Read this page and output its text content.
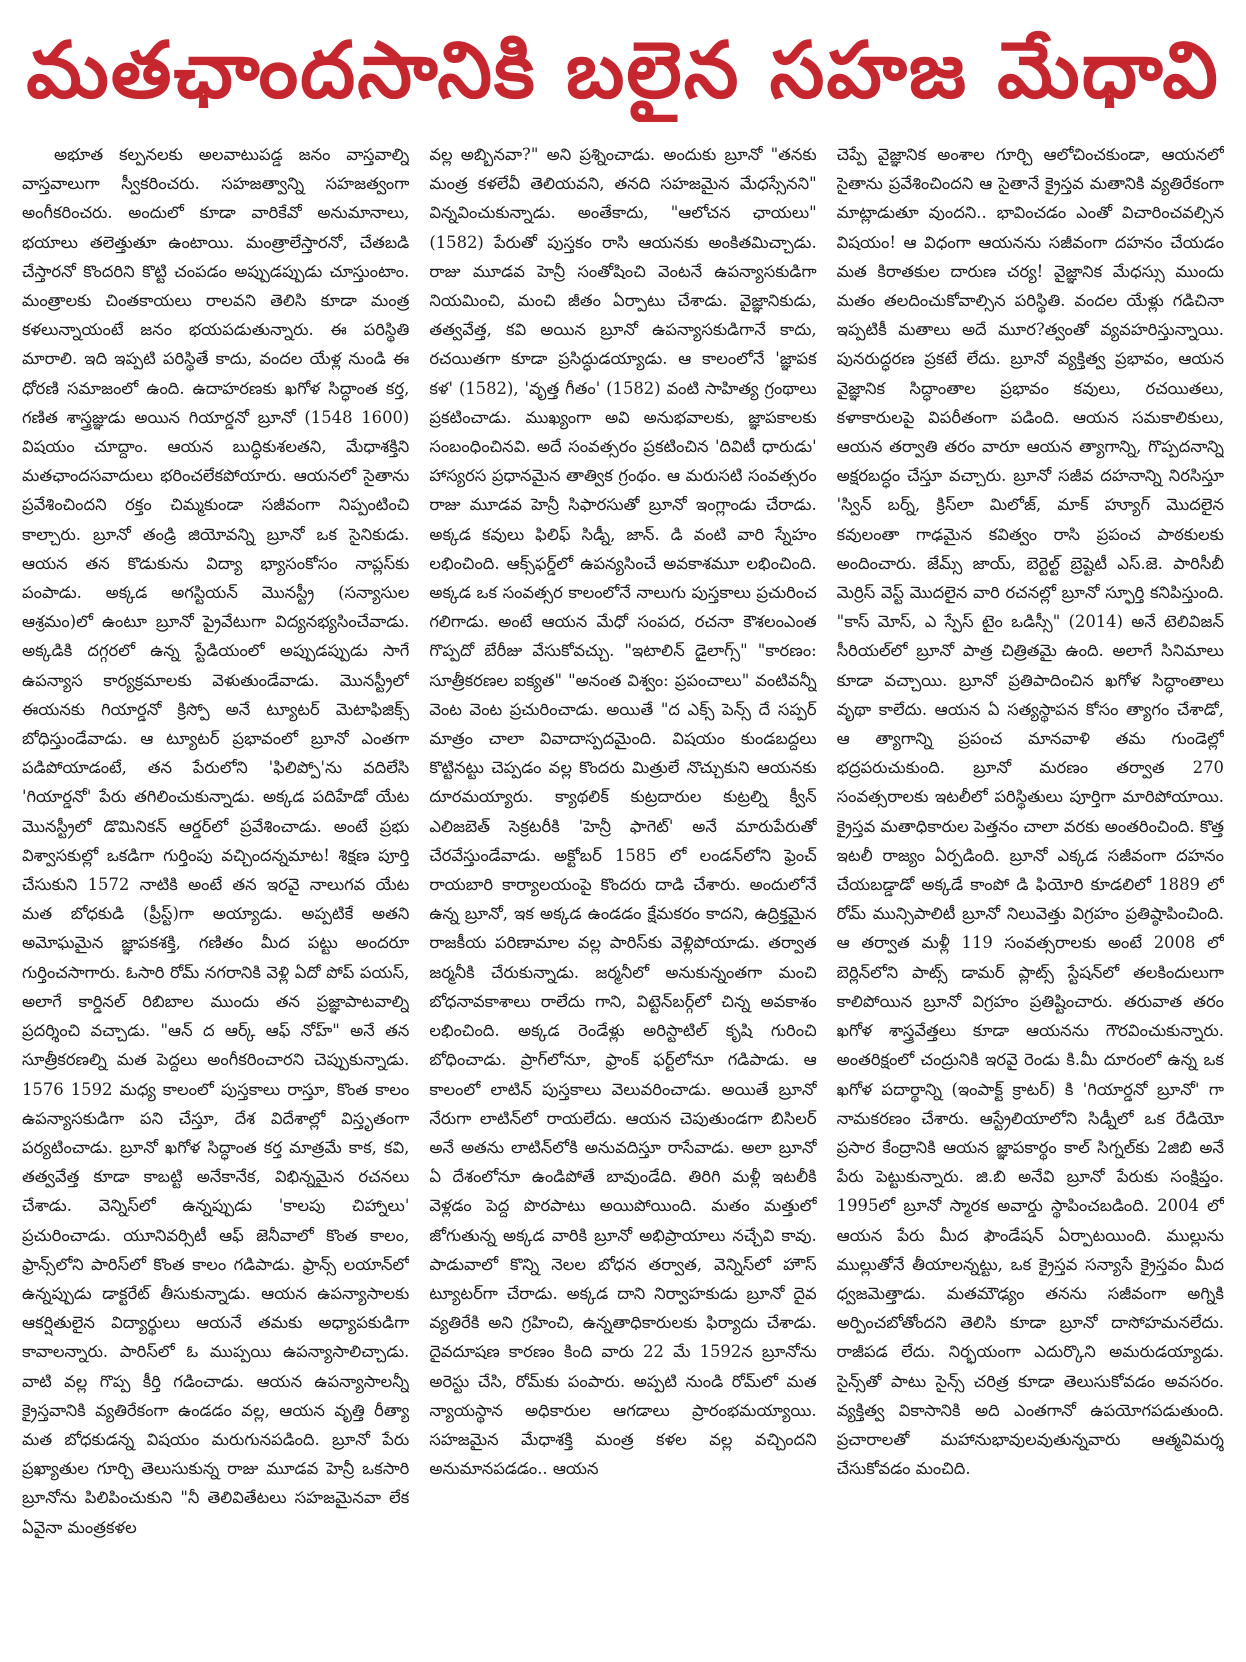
మతఛాందసానికి బలైన సహజ మేధావి

అభూత కల్పనలకు అలవాటుపడ్డ జనం వాస్తవాల్ని వాస్తవాలుగా స్వీకరించరు. సహజత్వాన్ని సహజత్వంగా అంగీకరించరు. అందులో కూడా వారికేవో అనుమానాలు, భయాలు తలెత్తుతూ ఉంటాయి. మంత్రాలేస్తారనో, చేతబడి చేస్తారనో కొందరిని కొట్టి చంపడం అప్పుడప్పుడు చూస్తుంటాం. మంత్రాలకు చింతకాయలు రాలవని తెలిసి కూడా మంత్ర కళలున్నాయంటే జనం భయపడుతున్నారు. ఈ పరిస్థితి మారాలి. ఇది ఇప్పటి పరిస్థితే కాదు, వందల యేళ్ల నుండి ఈ ధోరణి సమాజంలో ఉంది. ఉదాహరణకు ఖగోళ సిద్ధాంత కర్త, గణిత శాస్త్రజ్ఞుడు అయిన గియార్డనో బ్రూనో (1548 1600) విషయం చూద్దాం. ఆయన బుద్ధికుశలతని, మేధాశక్తిని మతఛాందసవాదులు భరించలేకపోయారు. ఆయనలో సైతాను ప్రవేశించిందని రక్తం చిమ్మకుండా సజీవంగా నిప్పంటించి కాల్చారు. బ్రూనో తండ్రి జియోవన్ని బ్రూనో ఒక సైనికుడు. ఆయన తన కొడుకును విద్యా భ్యాసంకోసం నాప్లస్‌కు పంపాడు. అక్కడ అగస్టియన్ మొనస్ట్రీ (సన్యాసుల ఆశ్రమం)లో ఉంటూ బ్రూనో ప్రైవేటుగా విద్యనభ్యసించేవాడు. అక్కడికి దగ్గరలో ఉన్న స్టేడియంలో అప్పుడప్పుడు సాగే ఉపన్యాస కార్యక్రమాలకు వెళుతుండేవాడు. మొనస్ట్రీలో ఈయనకు గియార్డనో క్రిస్పో అనే ట్యూటర్ మెటాఫిజిక్స్ బోధిస్తుండేవాడు. ఆ ట్యూటర్ ప్రభావంలో బ్రూనో ఎంతగా పడిపోయాడంటే, తన పేరులోని 'ఫిలిప్పో'ను వదిలేసి 'గియార్డనో' పేరు తగిలించుకున్నాడు. అక్కడ పదిహేడో యేట మొనస్ట్రీలో డొమినికన్ ఆర్డర్‌లో ప్రవేశించాడు. అంటే ప్రభు విశ్వాసకుల్లో ఒకడిగా గుర్తింపు వచ్చిందన్నమాట! శిక్షణ పూర్తి చేసుకుని 1572 నాటికి అంటే తన ఇరవై నాలుగవ యేట మత బోధకుడి (ప్రీస్ట్)గా అయ్యాడు. అప్పటికే అతని అమోఘమైన జ్ఞాపకశక్తి, గణితం మీద పట్టు అందరూ గుర్తించసాగారు. ఓసారి రోమ్ నగరానికి వెళ్లి ఏదో పోప్ పయస్, అలాగే కార్డినల్ రిబిబాల ముందు తన ప్రజ్ఞాపాటవాల్ని ప్రదర్శించి వచ్చాడు. "ఆన్ ద ఆర్క్ ఆఫ్ నోహ్" అనే తన సూత్రీకరణల్ని మత పెద్దలు అంగీకరించారని చెప్పుకున్నాడు. 1576 1592 మధ్య కాలంలో పుస్తకాలు రాస్తూ, కొంత కాలం ఉపన్యాసకుడిగా పని చేస్తూ, దేశ విదేశాల్లో విస్తృతంగా పర్యటించాడు. బ్రూనో ఖగోళ సిద్ధాంత కర్త మాత్రమే కాక, కవి, తత్వవేత్త కూడా కాబట్టి అనేకానేక, విభిన్నమైన రచనలు చేశాడు. వెన్నిస్‌లో ఉన్నప్పుడు 'కాలపు చిహ్నాలు' ప్రచురించాడు. యూనివర్సిటీ ఆఫ్ జెనీవాలో కొంత కాలం, ఫ్రాన్స్‌లోని పారిస్‌లో కొంత కాలం గడిపాడు. ఫ్రాన్స్ లయాన్‌లో ఉన్నప్పుడు డాక్టరేట్ తీసుకున్నాడు. ఆయన ఉపన్యాసాలకు ఆకర్షితులైన విద్యార్థులు ఆయనే తమకు అధ్యాపకుడిగా కావాలన్నారు. పారిస్‌లో ఓ ముప్పయి ఉపన్యాసాలిచ్చాడు. వాటి వల్ల గొప్ప కీర్తి గడించాడు. ఆయన ఉపన్యాసాలన్నీ క్రైస్తవానికి వ్యతిరేకంగా ఉండడం వల్ల, ఆయన వృత్తి రీత్యా మత బోధకుడన్న విషయం మరుగునపడింది. బ్రూనో పేరు ప్రఖ్యాతుల గూర్చి తెలుసుకున్న రాజు మూడవ హెన్రీ ఒకసారి బ్రూనోను పిలిపించుకుని "నీ తెలివితేటలు సహజమైనవా లేక ఏవైనా మంత్రకళల

వల్ల అబ్బినవా?" అని ప్రశ్నించాడు. అందుకు బ్రూనో "తనకు మంత్ర కళలేవీ తెలియవని, తనది సహజమైన మేధస్సేనని" విన్నవించుకున్నాడు. అంతేకాదు, "ఆలోచన ఛాయలు" (1582) పేరుతో పుస్తకం రాసి ఆయనకు అంకితమిచ్చాడు. రాజు మూడవ హెన్రీ సంతోషించి వెంటనే ఉపన్యాసకుడిగా నియమించి, మంచి జీతం ఏర్పాటు చేశాడు. వైజ్ఞానికుడు, తత్వవేత్త, కవి అయిన బ్రూనో ఉపన్యాసకుడిగానే కాదు, రచయితగా కూడా ప్రసిద్ధుడయ్యాడు. ఆ కాలంలోనే 'జ్ఞాపక కళ' (1582), 'వృత్త గీతం' (1582) వంటి సాహిత్య గ్రంథాలు ప్రకటించాడు. ముఖ్యంగా అవి అనుభవాలకు, జ్ఞాపకాలకు సంబంధించినవి. అదే సంవత్సరం ప్రకటించిన 'దివిటీ ధారుడు' హాస్యరస ప్రధానమైన తాత్విక గ్రంథం. ఆ మరుసటి సంవత్సరం రాజు మూడవ హెన్రీ సిఫారసుతో బ్రూనో ఇంగ్లాండు చేరాడు. అక్కడ కవులు ఫిలిఫ్ సిడ్నీ, జాన్. డి వంటి వారి స్నేహం లభించింది. ఆక్స్‌ఫర్డ్‌లో ఉపన్యసించే అవకాశమూ లభించింది. అక్కడ ఒక సంవత్సర కాలంలోనే నాలుగు పుస్తకాలు ప్రచురించ గలిగాడు. అంటే ఆయన మేధో సంపద, రచనా కౌశలంఎంత గొప్పదో బేరీజు వేసుకోవచ్చు. "ఇటాలిన్ డైలాగ్స్" "కారణం: సూత్రీకరణల ఐక్యత" "అనంత విశ్వం: ప్రపంచాలు" వంటివన్నీ వెంట వెంట ప్రచురించాడు. అయితే "ద ఎక్స్ పెన్స్ దే సప్పర్ మాత్రం చాలా వివాదాస్పదమైంది. విషయం కుండబద్దలు కొట్టినట్టు చెప్పడం వల్ల కొందరు మిత్రులే నొచ్చుకుని ఆయనకు దూరమయ్యారు. క్యాథలిక్ కుట్రదారుల కుట్రల్ని క్వీన్ ఎలిజబెత్ సెక్రటరీకి 'హెన్రీ ఫాగెట్' అనే మారుపేరుతో చేరవేస్తుండేవాడు. అక్టోబర్ 1585 లో లండన్‌లోని ఫ్రెంచ్ రాయబారి కార్యాలయంపై కొందరు దాడి చేశారు. అందులోనే ఉన్న బ్రూనో, ఇక అక్కడ ఉండడం క్షేమకరం కాదని, ఉద్రిక్తమైన రాజకీయ పరిణామాల వల్ల పారిస్‌కు వెళ్లిపోయాడు. తర్వాత జర్మనీకి చేరుకున్నాడు. జర్మనీలో అనుకున్నంతగా మంచి బోధనావకాశాలు రాలేదు గాని, విట్టెన్‌బర్గ్‌లో చిన్న అవకాశం లభించింది. అక్కడ రెండేళ్లు అరిస్టాటిల్ కృషి గురించి బోధించాడు. ప్రాగ్‌లోనూ, ఫ్రాంక్ ఫర్ట్‌లోనూ గడిపాడు. ఆ కాలంలో లాటిన్ పుస్తకాలు వెలువరించాడు. అయితే బ్రూనో నేరుగా లాటిన్‌లో రాయలేదు. ఆయన చెపుతుండగా బిసిలర్ అనే అతను లాటిన్‌లోకి అనువదిస్తూ రాసేవాడు. అలా బ్రూనో ఏ దేశంలోనూ ఉండిపోతే బావుండేది. తిరిగి మళ్లీ ఇటలీకి వెళ్లడం పెద్ద పొరపాటు అయిపోయింది. మతం మత్తులో జోగుతున్న అక్కడ వారికి బ్రూనో అభిప్రాయాలు నచ్చేవి కావు. పాడువాలో కొన్ని నెలల బోధన తర్వాత, వెన్నిస్‌లో హౌస్ ట్యూటర్‌గా చేరాడు. అక్కడ దాని నిర్వాహకుడు బ్రూనో దైవ వ్యతిరేకి అని గ్రహించి, ఉన్నతాధికారులకు ఫిర్యాదు చేశాడు. దైవదూషణ కారణం కింది వారు 22 మే 1592న బ్రూనోను అరెస్టు చేసి, రోమ్‌కు పంపారు. అప్పటి నుండి రోమ్‌లో మత న్యాయస్థాన అధికారుల ఆగడాలు ప్రారంభమయ్యాయి. సహజమైన మేధాశక్తి మంత్ర కళల వల్ల వచ్చిందని అనుమానపడడం.. ఆయన

చెప్పే వైజ్ఞానిక అంశాల గూర్చి ఆలోచించకుండా, ఆయనలో సైతాను ప్రవేశించిందని ఆ సైతానే క్రైస్తవ మతానికి వ్యతిరేకంగా మాట్లాడుతూ వుందని.. భావించడం ఎంతో విచారించవల్సిన విషయం! ఆ విధంగా ఆయనను సజీవంగా దహనం చేయడం మత కిరాతకుల దారుణ చర్య! వైజ్ఞానిక మేధస్సు ముందు మతం తలదించుకోవాల్సిన పరిస్థితి. వందల యేళ్లు గడిచినా ఇప్పటికీ మతాలు అదే మూర?త్వంతో వ్యవహరిస్తున్నాయి. పునరుద్ధరణ ప్రకటే లేదు. బ్రూనో వ్యక్తిత్వ ప్రభావం, ఆయన వైజ్ఞానిక సిద్ధాంతాల ప్రభావం కవులు, రచయితలు, కళాకారులపై విపరీతంగా పడింది. ఆయన సమకాలికులు, ఆయన తర్వాతి తరం వారూ ఆయన త్యాగాన్ని, గొప్పదనాన్ని అక్షరబద్ధం చేస్తూ వచ్చారు. బ్రూనో సజీవ దహనాన్ని నిరసిస్తూ 'స్విన్ బర్న్, క్రిస్‌లా మిలోజ్, మాక్ హ్యూగ్ మొదలైన కవులంతా గాఢమైన కవిత్వం రాసి ప్రపంచ పాఠకులకు అందించారు. జేమ్స్ జాయ్, బెర్టెల్ట్ బ్రెష్టెటీ ఎస్.జె. పారిసీబీ మెర్రిస్ వెస్ట్ మొదలైన వారి రచనల్లో బ్రూనో స్ఫూర్తి కనిపిస్తుంది. "కాస్ మోస్, ఎ స్పేస్ టైం ఒడిస్సీ" (2014) అనే టెలివిజన్ సీరియల్‌లో బ్రూనో పాత్ర చిత్రితమై ఉంది. అలాగే సినిమాలు కూడా వచ్చాయి. బ్రూనో ప్రతిపాదించిన ఖగోళ సిద్ధాంతాలు వృథా కాలేదు. ఆయన ఏ సత్యస్థాపన కోసం త్యాగం చేశాడో, ఆ త్యాగాన్ని ప్రపంచ మానవాళి తమ గుండెల్లో భద్రపరుచుకుంది. బ్రూనో మరణం తర్వాత 270 సంవత్సరాలకు ఇటలీలో పరిస్థితులు పూర్తిగా మారిపోయాయి. క్రైస్తవ మతాధికారుల పెత్తనం చాలా వరకు అంతరించింది. కొత్త ఇటలీ రాజ్యం ఏర్పడింది. బ్రూనో ఎక్కడ సజీవంగా దహనం చేయబడ్డాడో అక్కడే కాంపో డి ఫియోరి కూడలిలో 1889 లో రోమ్ మున్సిపాలిటీ బ్రూనో నిలువెత్తు విగ్రహం ప్రతిష్ఠాపించింది. ఆ తర్వాత మళ్లీ 119 సంవత్సరాలకు అంటే 2008 లో బెర్లిన్‌లోని పాట్స్ డామర్ ప్లాట్స్ స్టేషన్‌లో తలకిందులుగా కాలిపోయిన బ్రూనో విగ్రహం ప్రతిష్టించారు. తరువాత తరం ఖగోళ శాస్త్రవేత్తలు కూడా ఆయనను గౌరవించుకున్నారు. అంతరిక్షంలో చంద్రునికి ఇరవై రెండు కి.మీ దూరంలో ఉన్న ఒక ఖగోళ పదార్థాన్ని (ఇంపాక్ట్ క్రాటర్) కి 'గియార్డనో బ్రూనో' గా నామకరణం చేశారు. ఆస్ట్రేలియాలోని సిడ్నీలో ఒక రేడియో ప్రసార కేంద్రానికి ఆయన జ్ఞాపకార్థం కాల్ సిగ్నల్‌కు 2జిబి అనే పేరు పెట్టుకున్నారు. జి.బి అనేవి బ్రూనో పేరుకు సంక్షిప్తం. 1995లో బ్రూనో స్మారక అవార్డు స్థాపించబడింది. 2004 లో ఆయన పేరు మీద ఫౌండేషన్ ఏర్పాటయింది. ముల్లును ముల్లుతోనే తీయాలన్నట్టు, ఒక క్రైస్తవ సన్యాసే క్రైస్తవం మీద ధ్వజమెత్తాడు. మతమౌఢ్యం తనను సజీవంగా అగ్నికి అర్పించబోతోందని తెలిసి కూడా బ్రూనో దాసోహమనలేదు. రాజీపడ లేదు. నిర్భయంగా ఎదుర్కొని అమరుడయ్యాడు. సైన్స్‌తో పాటు సైన్స్ చరిత్ర కూడా తెలుసుకోవడం అవసరం. వ్యక్తిత్వ వికాసానికి అది ఎంతగానో ఉపయోగపడుతుంది. ప్రచారాలతో మహానుభావులవుతున్నవారు ఆత్మవిమర్శ చేసుకోవడం మంచిది.
